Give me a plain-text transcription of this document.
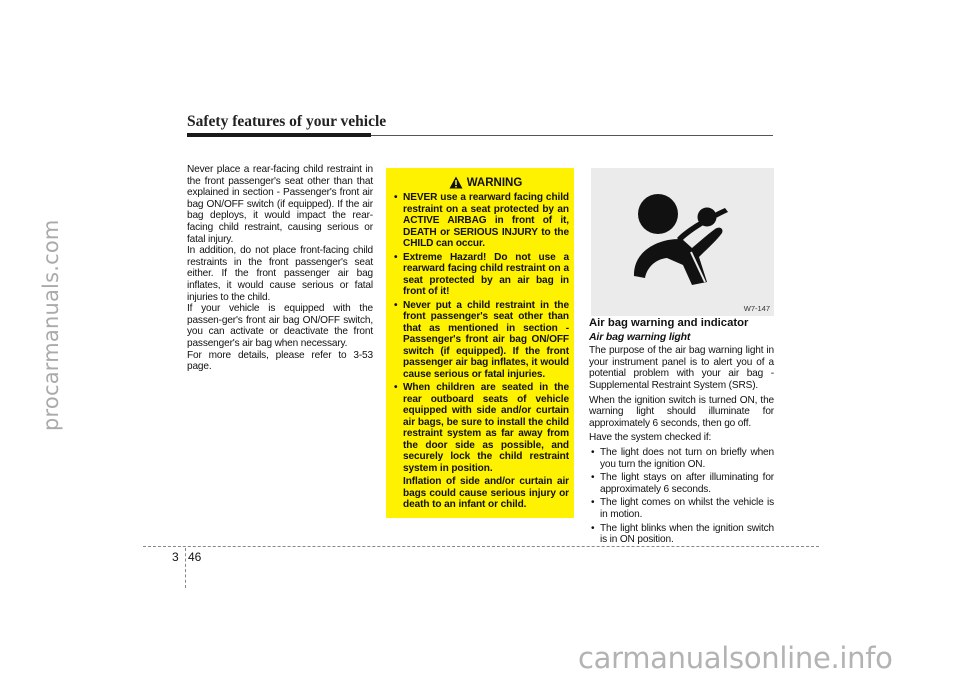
procarmanuals.com
carmanualsonline.info
Safety features of your vehicle

Never place a rear-facing child restraint in the front passenger's seat other than that explained in section - Passenger's front air bag ON/OFF switch (if equipped). If the air bag deploys, it would impact the rear-facing child restraint, causing serious or fatal injury.

In addition, do not place front-facing child restraints in the front passenger's seat either. If the front passenger air bag inflates, it would cause serious or fatal injuries to the child.

If your vehicle is equipped with the passen-ger's front air bag ON/OFF switch, you can activate or deactivate the front passenger's air bag when necessary.

For more details, please refer to 3-53 page.

WARNING
• NEVER use a rearward facing child restraint on a seat protected by an ACTIVE AIRBAG in front of it, DEATH or SERIOUS INJURY to the CHILD can occur.
• Extreme Hazard! Do not use a rearward facing child restraint on a seat protected by an air bag in front of it!
• Never put a child restraint in the front passenger's seat other than that as mentioned in section - Passenger's front air bag ON/OFF switch (if equipped). If the front passenger air bag inflates, it would cause serious or fatal injuries.
• When children are seated in the rear outboard seats of vehicle equipped with side and/or curtain air bags, be sure to install the child restraint system as far away from the door side as possible, and securely lock the child restraint system in position.
Inflation of side and/or curtain air bags could cause serious injury or death to an infant or child.
W7-147
Air bag warning and indicator
Air bag warning light

The purpose of the air bag warning light in your instrument panel is to alert you of a potential problem with your air bag - Supplemental Restraint System (SRS).

When the ignition switch is turned ON, the warning light should illuminate for approximately 6 seconds, then go off.

Have the system checked if:

• The light does not turn on briefly when you turn the ignition ON.
• The light stays on after illuminating for approximately 6 seconds.
• The light comes on whilst the vehicle is in motion.
• The light blinks when the ignition switch is in ON position.
3 46
